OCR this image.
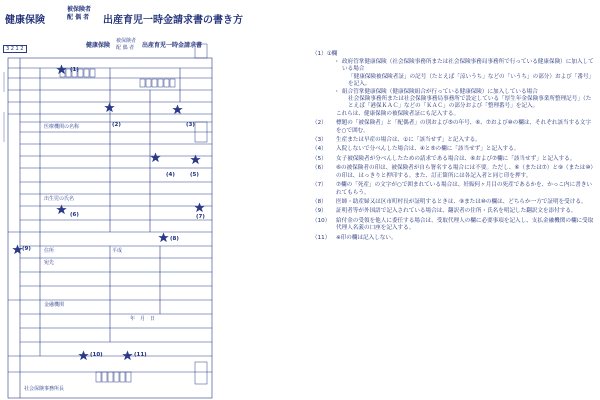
健康保険
被保険者
配 偶 者 出産育児一時金請求書の書き方
3 2 1 2	健康保険
被保険者
配 偶 者 出産育児一時金請求書
医療機関の名称
出生児の氏名
住所
宛先
金融機関
年　月　日
平成
社会保険事務所長
(1)
(2)	(3)
(4)	(5)
(6)	(7)
(8)
(9)
(10)	(11)
（1）①欄
・ 政府管掌健康保険（社会保険事務所または社会保険事務局事務所で行っている健康保険）に加入している場合
「健康保険被保険者証」の記号（たとえば「涼いうち」などの「いうち」の部分）および「番号」を記入。
・ 組合管掌健康保険（健康保険組合が行っている健康保険）に加入している場合
社会保険事務所または社会保険事務局事務所で設定している「厚生年金保険事業所整理記号」（たとえば「港保ＫＡＣ」などの「ＫＡＣ」の部分および「整理番号」を記入。
これらは、健康保険の被保険者証にも記入する。
（2） 標題の「被保険者」と「配偶者」の別および⑤の年号、⑥、⑦および⑩の欄は、それぞれ該当する文字を○で囲む。
（3） 生産または早産の場合は、①に「該当せず」と記入する。
（4） 入院しないで分べんした場合は、④と⑤の欄に「該当せず」と記入する。
（5） 女子被保険者が分べんしたための請求である場合は、⑥および⑦欄に「該当せず」と記入する。
（6） ⑥の被保険者の印は、被保険者が自ら署名する場合には不要。ただし、⑥（または⑦）と⑨（または⑩）の印は、はっきりと押印する。また、訂正箇所には各記入者と同じ印を押す。
（7） ⑦欄の「死産」の文字が○で囲まれている場合は、妊娠何ヶ月目の死産であるかを、かっこ内に書きいれてもらう。
（8） 医師・助産婦又は区市町村長が証明するときは、⑨または⑩の欄は、どちらか一方で証明を受ける。
（9） 証明者等が外国語で記入されている場合は、翻訳者の住所・氏名を明記した翻訳文を添付する。
（10） 給付金の受領を他人に委任する場合は、受取代理人の欄に必要事項を記入し、支払金融機関の欄に受取代理人名義の口座を記入する。
（11） ※印の欄は記入しない。
